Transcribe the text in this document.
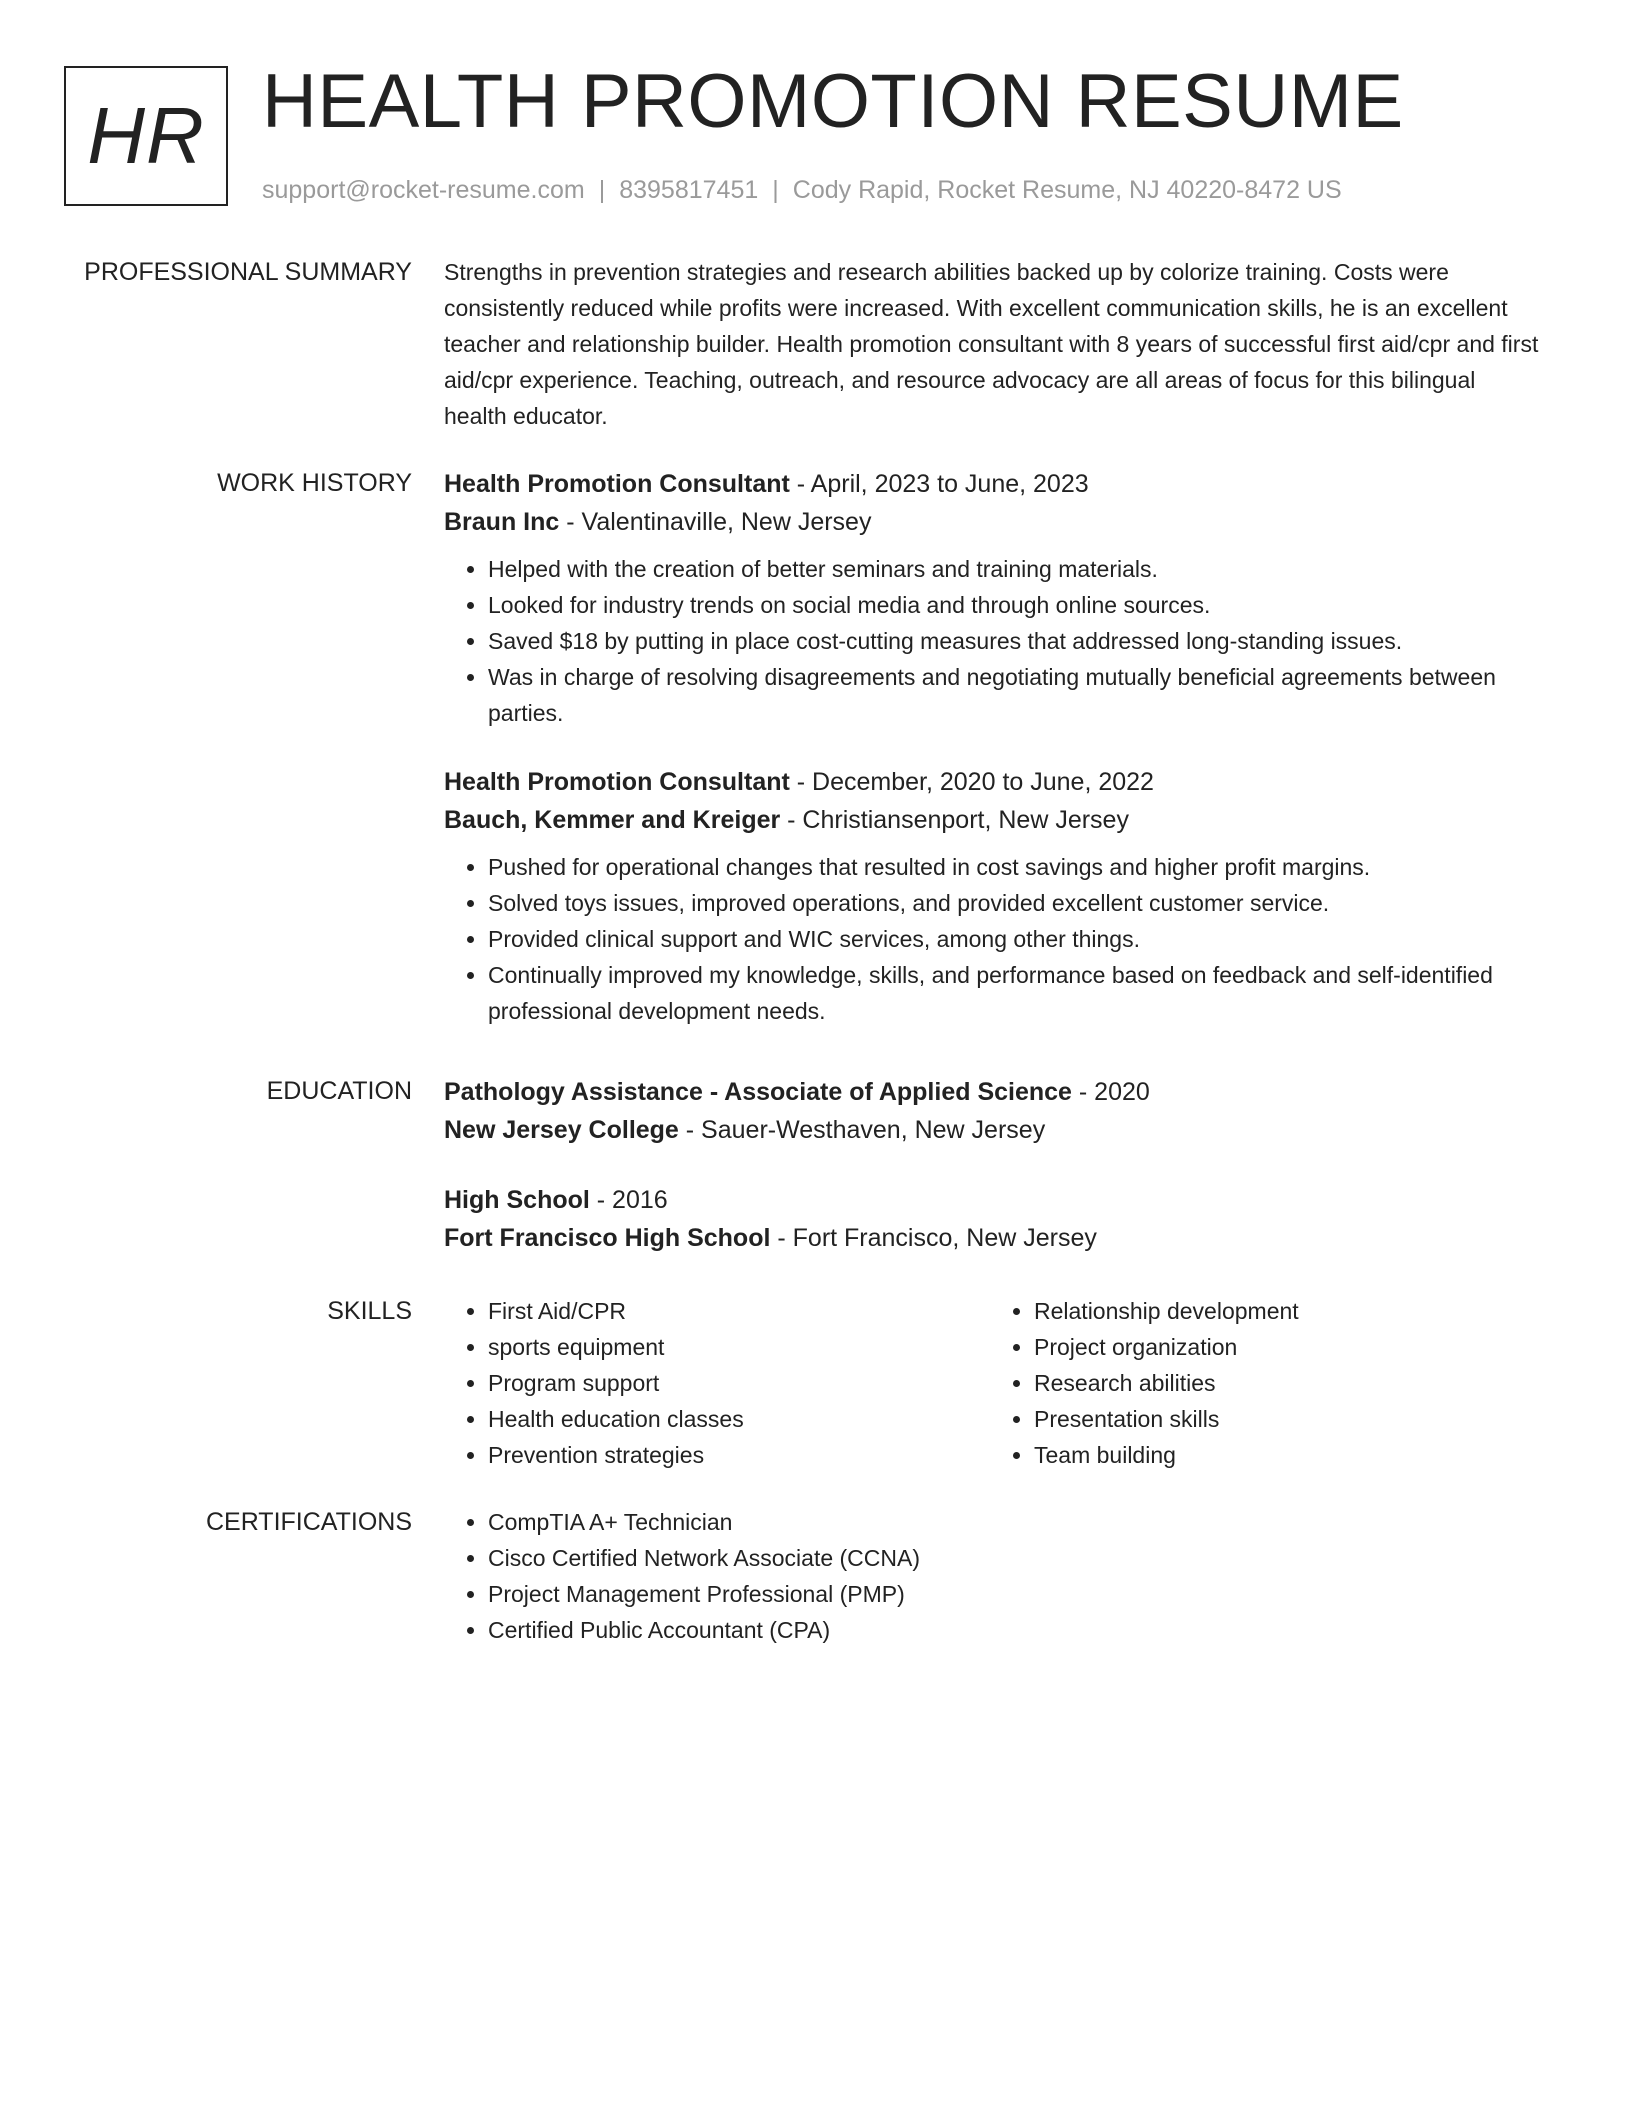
HR HEALTH PROMOTION RESUME
support@rocket-resume.com | 8395817451 | Cody Rapid, Rocket Resume, NJ 40220-8472 US
PROFESSIONAL SUMMARY Strengths in prevention strategies and research abilities backed up by colorize training. Costs were consistently reduced while profits were increased. With excellent communication skills, he is an excellent teacher and relationship builder. Health promotion consultant with 8 years of successful first aid/cpr and first aid/cpr experience. Teaching, outreach, and resource advocacy are all areas of focus for this bilingual health educator.

WORK HISTORY Health Promotion Consultant - April, 2023 to June, 2023
Braun Inc - Valentinaville, New Jersey
• Helped with the creation of better seminars and training materials.
• Looked for industry trends on social media and through online sources.
• Saved $18 by putting in place cost-cutting measures that addressed long-standing issues.
• Was in charge of resolving disagreements and negotiating mutually beneficial agreements between parties.
Health Promotion Consultant - December, 2020 to June, 2022
Bauch, Kemmer and Kreiger - Christiansenport, New Jersey
• Pushed for operational changes that resulted in cost savings and higher profit margins.
• Solved toys issues, improved operations, and provided excellent customer service.
• Provided clinical support and WIC services, among other things.
• Continually improved my knowledge, skills, and performance based on feedback and self-identified professional development needs.
EDUCATION Pathology Assistance - Associate of Applied Science - 2020
New Jersey College - Sauer-Westhaven, New Jersey
High School - 2016
Fort Francisco High School - Fort Francisco, New Jersey
SKILLS	• First Aid/CPR
• sports equipment
• Program support
• Health education classes
• Prevention strategies
• Relationship development
• Project organization
• Research abilities
• Presentation skills
• Team building
CERTIFICATIONS	• CompTIA A+ Technician
• Cisco Certified Network Associate (CCNA)
• Project Management Professional (PMP)
• Certified Public Accountant (CPA)
